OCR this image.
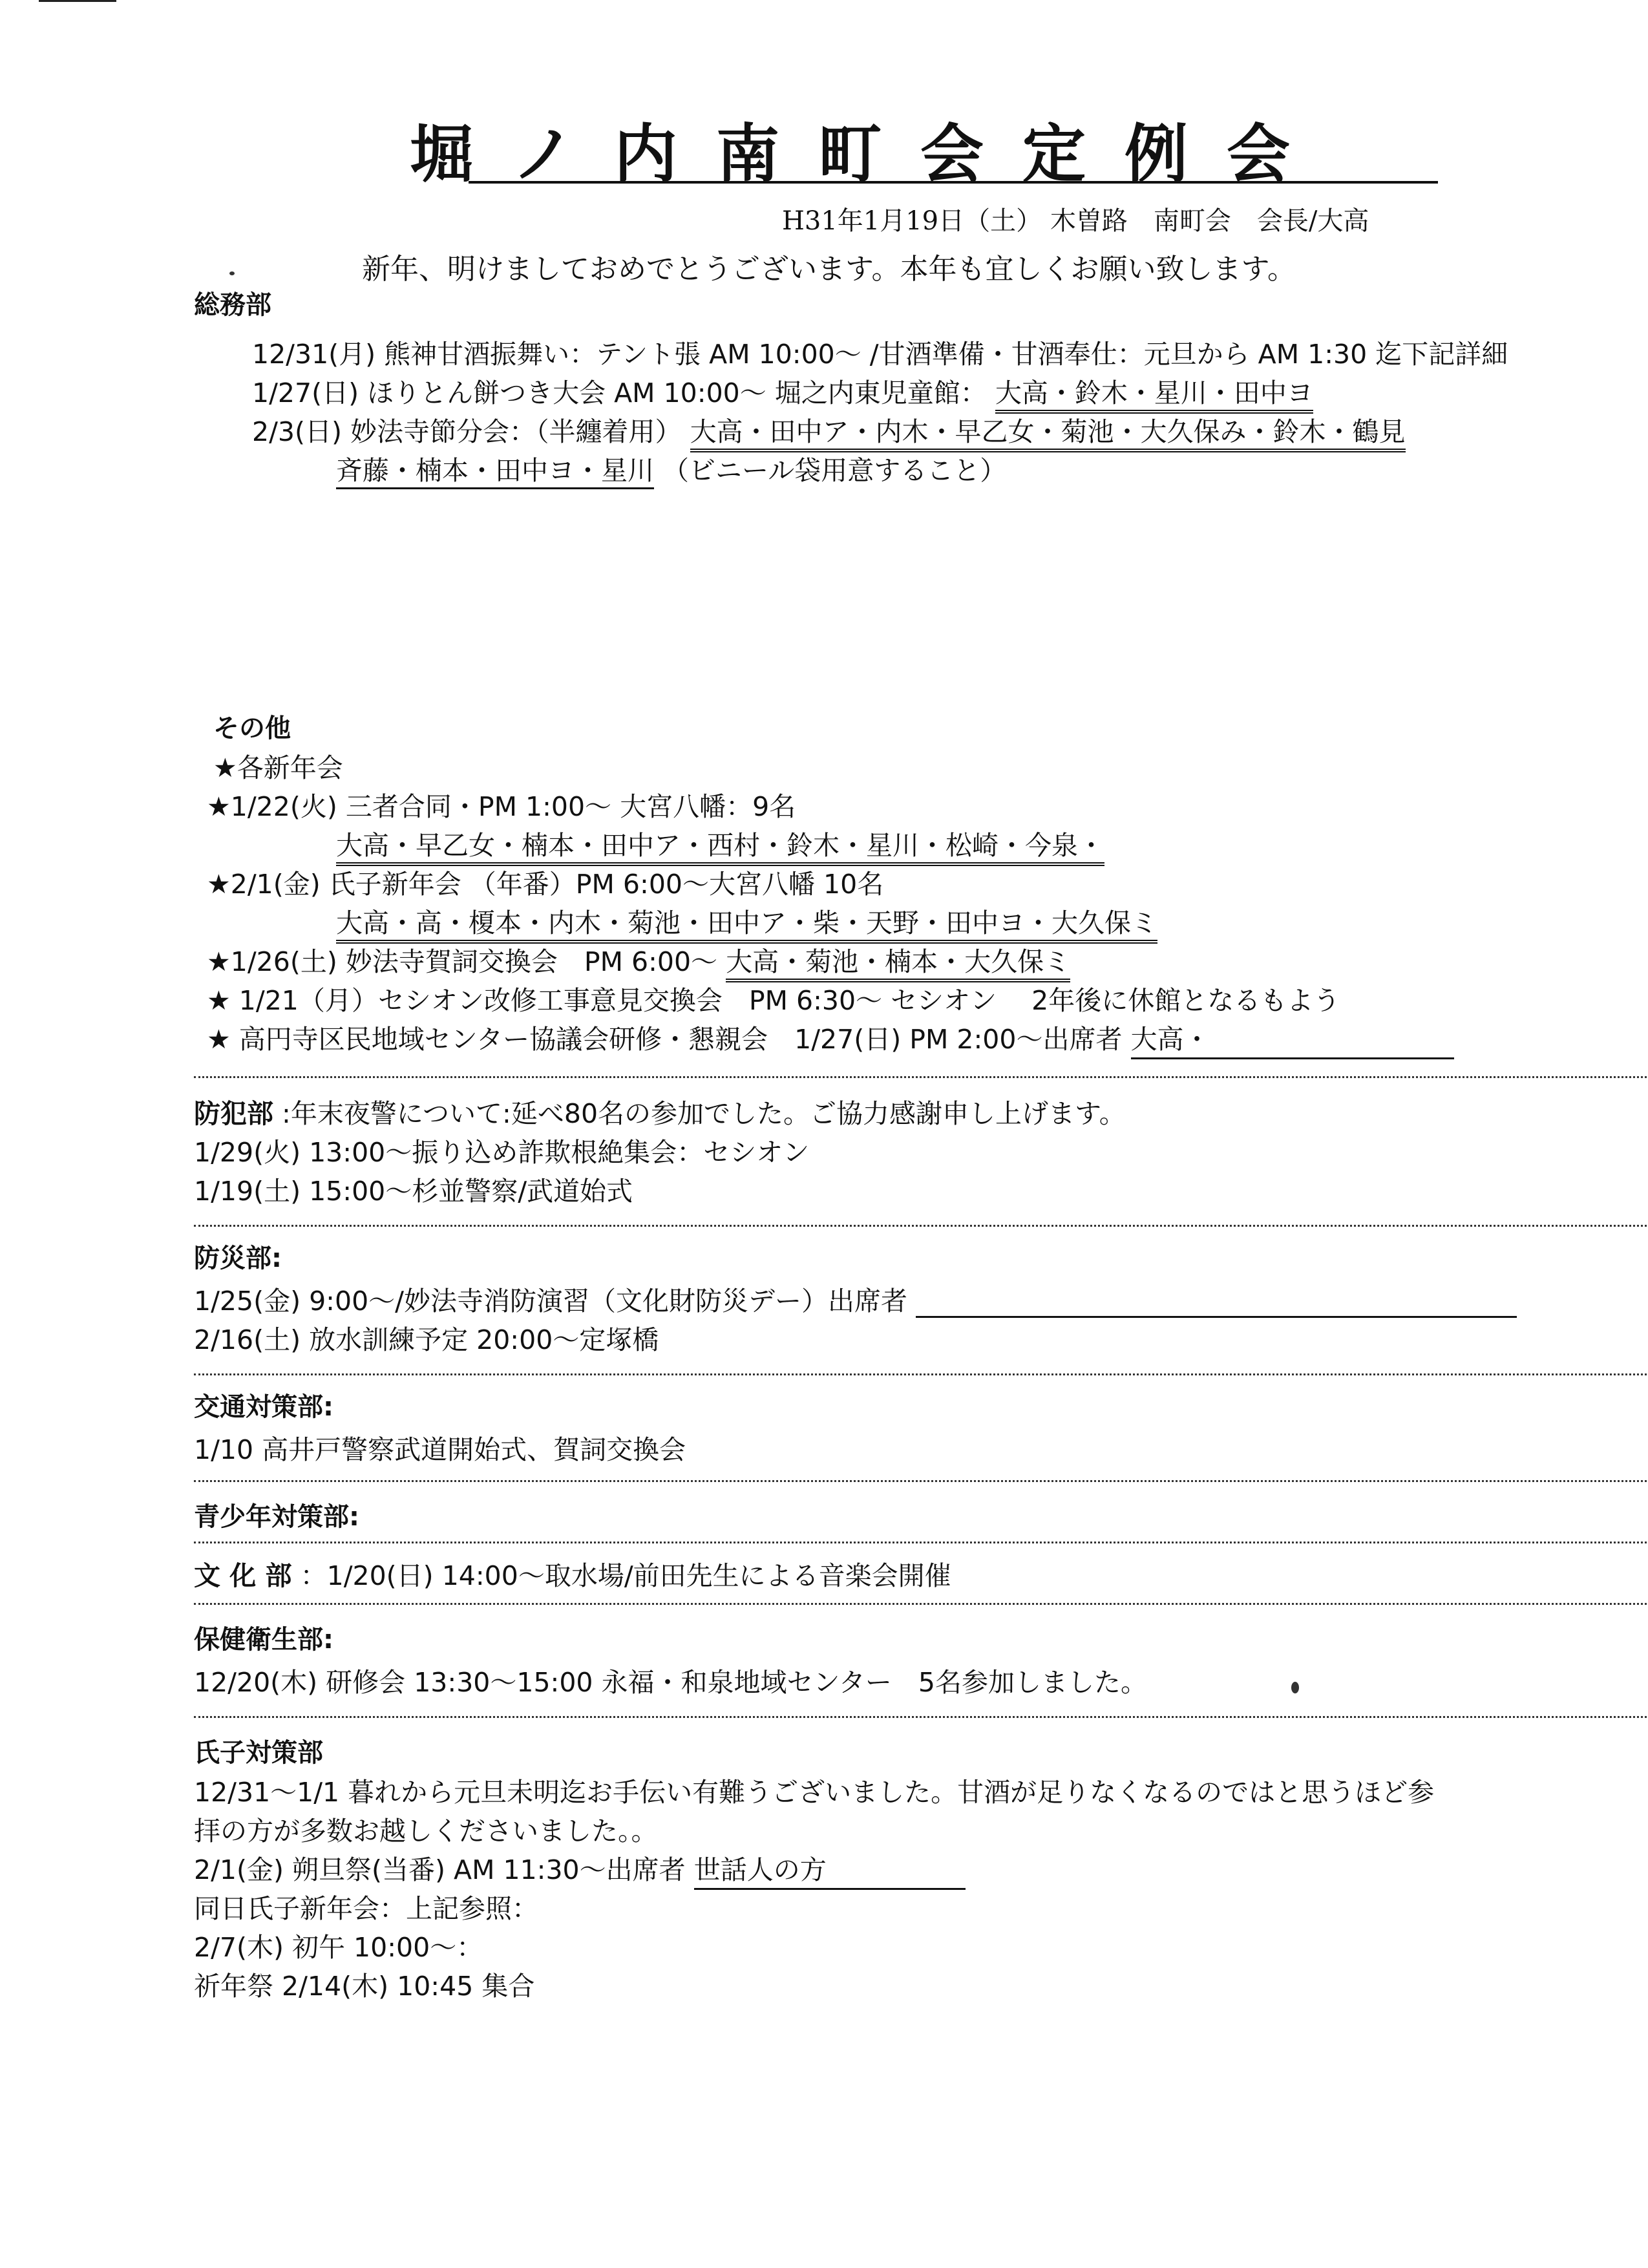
堀ノ内南町会定例会
H31年1月19日（土） 木曽路　南町会　会長/大高
新年、明けましておめでとうございます。本年も宜しくお願い致します。
総務部
12/31(月) 熊神甘酒振舞い：テント張 AM 10:00～ /甘酒準備・甘酒奉仕：元旦から AM 1:30 迄下記詳細
1/27(日) ほりとん餅つき大会 AM 10:00～ 堀之内東児童館： 大高・鈴木・星川・田中ヨ
2/3(日) 妙法寺節分会：（半纏着用） 大高・田中ア・内木・早乙女・菊池・大久保み・鈴木・鶴見
斉藤・楠本・田中ヨ・星川 （ビニール袋用意すること）
その他
★各新年会
★1/22(火) 三者合同・PM 1:00～ 大宮八幡：9名
大高・早乙女・楠本・田中ア・西村・鈴木・星川・松崎・今泉・
★2/1(金) 氏子新年会 （年番）PM 6:00～大宮八幡 10名
大高・高・榎本・内木・菊池・田中ア・柴・天野・田中ヨ・大久保ミ
★1/26(土) 妙法寺賀詞交換会　PM 6:00～ 大高・菊池・楠本・大久保ミ
★ 1/21（月）セシオン改修工事意見交換会　PM 6:30～ セシオン　 2年後に休館となるもよう
★ 高円寺区民地域センター協議会研修・懇親会　1/27(日) PM 2:00～出席者 大高・
防犯部 :年末夜警について:延べ80名の参加でした。ご協力感謝申し上げます。
1/29(火) 13:00～振り込め詐欺根絶集会：セシオン
1/19(土) 15:00～杉並警察/武道始式
防災部:
1/25(金) 9:00～/妙法寺消防演習（文化財防災デー）出席者
2/16(土) 放水訓練予定 20:00～定塚橋
交通対策部:
1/10 高井戸警察武道開始式、賀詞交換会
青少年対策部:
文 化 部 ：1/20(日) 14:00～取水場/前田先生による音楽会開催
保健衛生部:
12/20(木) 研修会 13:30～15:00 永福・和泉地域センター　5名参加しました。
氏子対策部
12/31～1/1 暮れから元旦未明迄お手伝い有難うございました。甘酒が足りなくなるのではと思うほど参
拝の方が多数お越しくださいました。。
2/1(金) 朔旦祭(当番) AM 11:30～出席者 世話人の方
同日氏子新年会：上記参照：
2/7(木) 初午 10:00～：
祈年祭 2/14(木) 10:45 集合
